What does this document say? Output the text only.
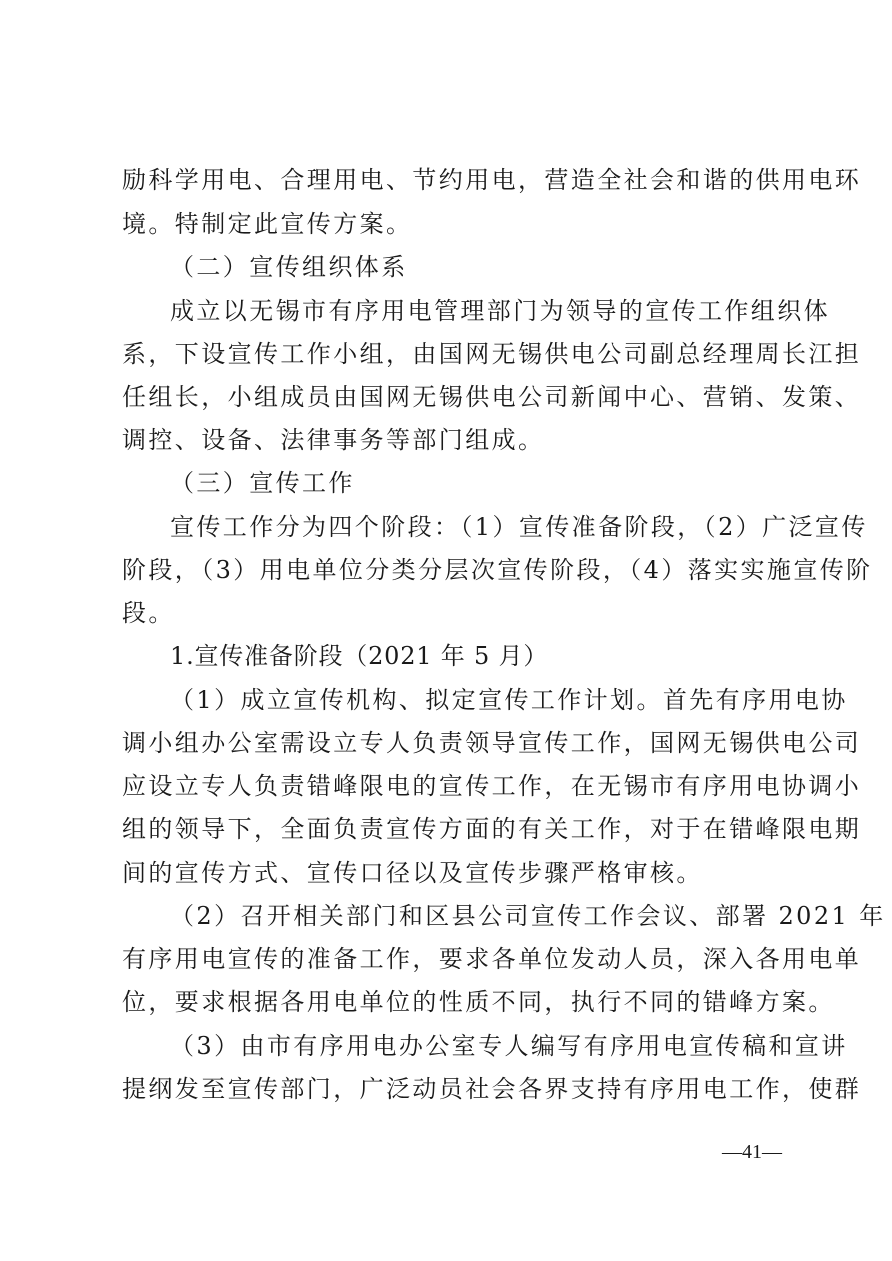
励科学用电、合理用电、节约用电，营造全社会和谐的供用电环
境。特制定此宣传方案。
（二）宣传组织体系
成立以无锡市有序用电管理部门为领导的宣传工作组织体
系，下设宣传工作小组，由国网无锡供电公司副总经理周长江担
任组长，小组成员由国网无锡供电公司新闻中心、营销、发策、
调控、设备、法律事务等部门组成。
（三）宣传工作
宣传工作分为四个阶段：（1）宣传准备阶段，（2）广泛宣传
阶段，（3）用电单位分类分层次宣传阶段，（4）落实实施宣传阶
段。
1.宣传准备阶段（2021 年 5 月）
（1）成立宣传机构、拟定宣传工作计划。首先有序用电协
调小组办公室需设立专人负责领导宣传工作，国网无锡供电公司
应设立专人负责错峰限电的宣传工作，在无锡市有序用电协调小
组的领导下，全面负责宣传方面的有关工作，对于在错峰限电期
间的宣传方式、宣传口径以及宣传步骤严格审核。
（2）召开相关部门和区县公司宣传工作会议、部署 2021 年
有序用电宣传的准备工作，要求各单位发动人员，深入各用电单
位，要求根据各用电单位的性质不同，执行不同的错峰方案。
（3）由市有序用电办公室专人编写有序用电宣传稿和宣讲
提纲发至宣传部门，广泛动员社会各界支持有序用电工作，使群
—41—
